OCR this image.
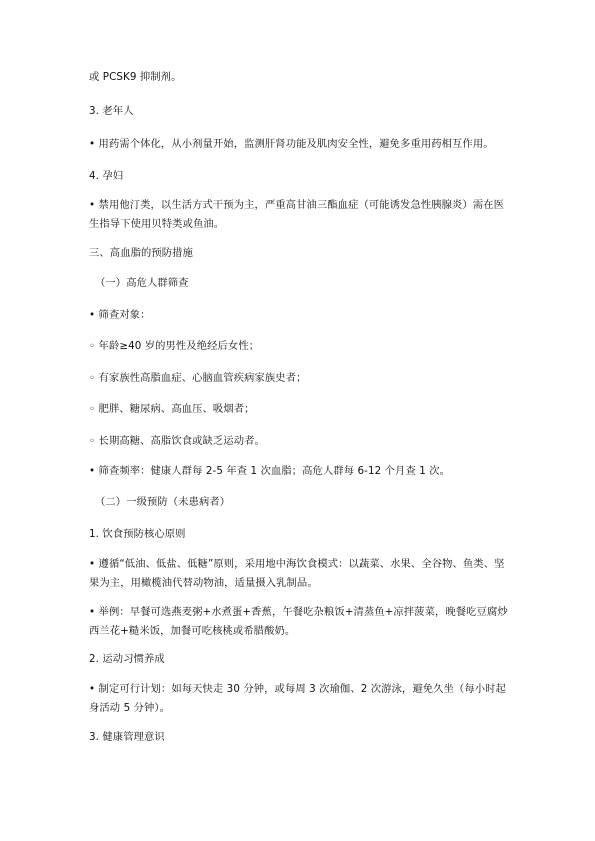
或 PCSK9 抑制剂。

3. 老年人

• 用药需个体化，从小剂量开始，监测肝肾功能及肌肉安全性，避免多重用药相互作用。

4. 孕妇

• 禁用他汀类，以生活方式干预为主，严重高甘油三酯血症（可能诱发急性胰腺炎）需在医生指导下使用贝特类或鱼油。

三、高血脂的预防措施

（一）高危人群筛查

• 筛查对象：

◦ 年龄≥40 岁的男性及绝经后女性；

◦ 有家族性高脂血症、心脑血管疾病家族史者；

◦ 肥胖、糖尿病、高血压、吸烟者；

◦ 长期高糖、高脂饮食或缺乏运动者。

• 筛查频率：健康人群每 2-5 年查 1 次血脂；高危人群每 6-12 个月查 1 次。

（二）一级预防（未患病者）

1. 饮食预防核心原则

• 遵循“低油、低盐、低糖”原则，采用地中海饮食模式：以蔬菜、水果、全谷物、鱼类、坚果为主，用橄榄油代替动物油，适量摄入乳制品。

• 举例：早餐可选燕麦粥+水煮蛋+香蕉，午餐吃杂粮饭+清蒸鱼+凉拌菠菜，晚餐吃豆腐炒西兰花+糙米饭，加餐可吃核桃或希腊酸奶。

2. 运动习惯养成

• 制定可行计划：如每天快走 30 分钟，或每周 3 次瑜伽、2 次游泳，避免久坐（每小时起身活动 5 分钟）。

3. 健康管理意识
